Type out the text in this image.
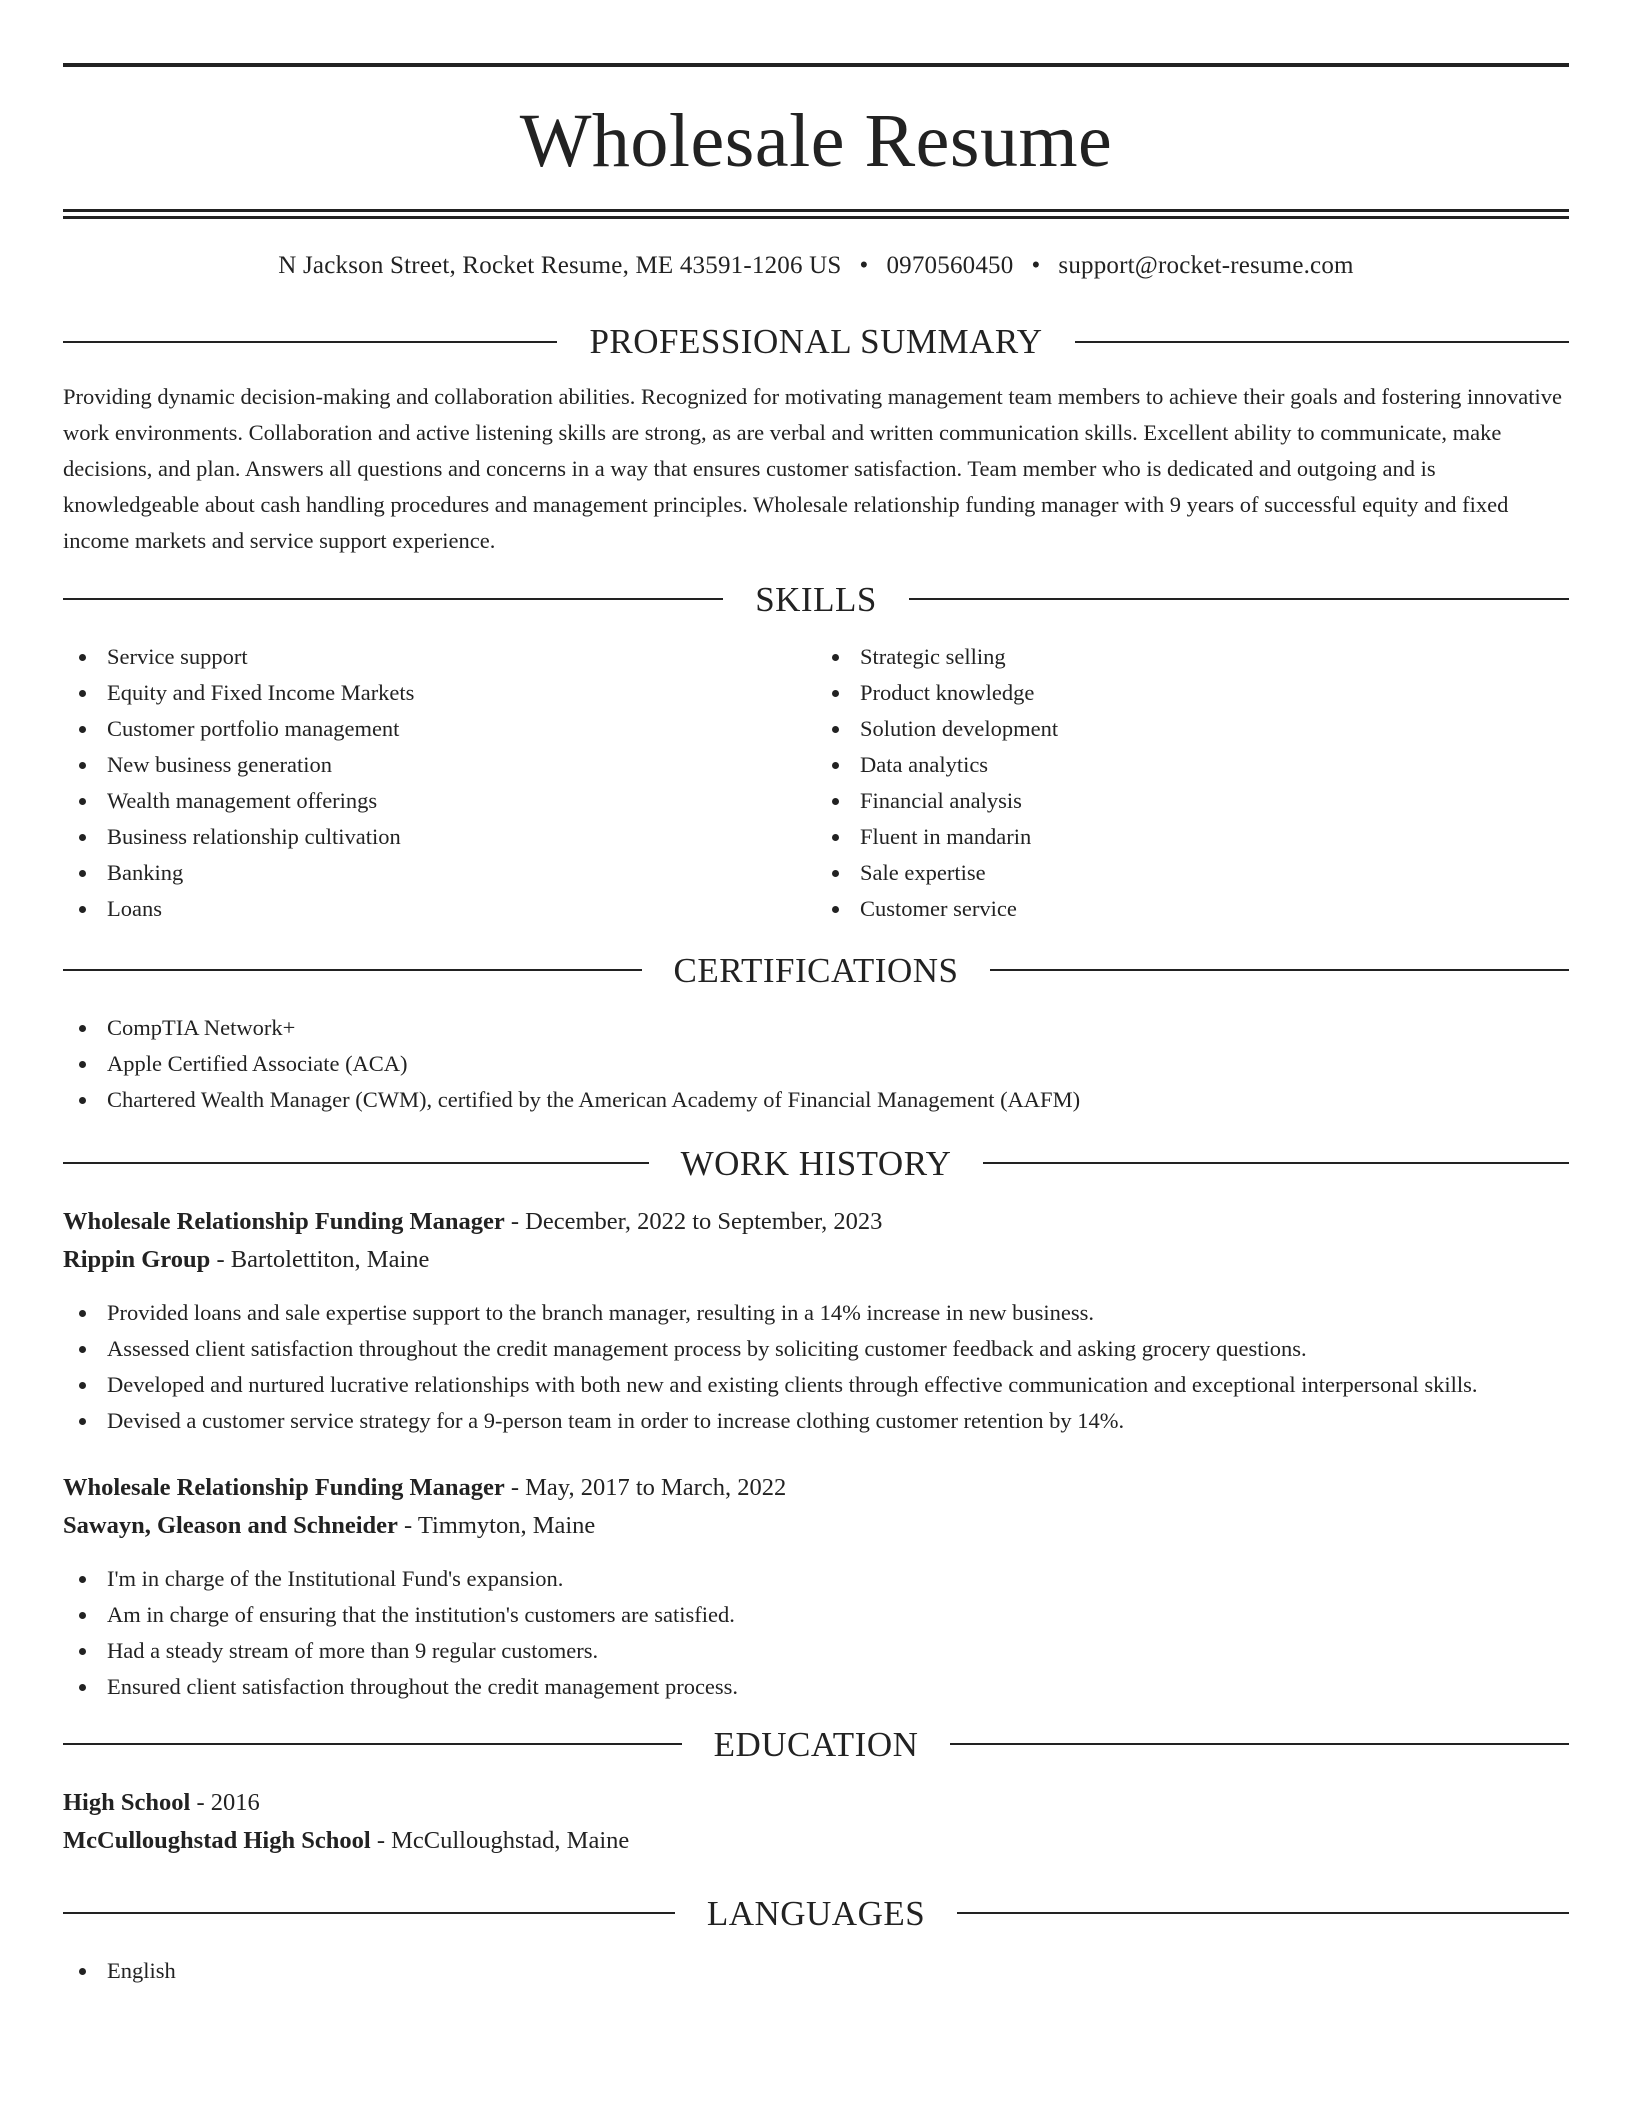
Wholesale Resume
N Jackson Street, Rocket Resume, ME 43591-1206 US • 0970560450 • support@rocket-resume.com
PROFESSIONAL SUMMARY

Providing dynamic decision-making and collaboration abilities. Recognized for motivating management team members to achieve their goals and fostering innovative work environments. Collaboration and active listening skills are strong, as are verbal and written communication skills. Excellent ability to communicate, make decisions, and plan. Answers all questions and concerns in a way that ensures customer satisfaction. Team member who is dedicated and outgoing and is knowledgeable about cash handling procedures and management principles. Wholesale relationship funding manager with 9 years of successful equity and fixed income markets and service support experience.

SKILLS
Service support
Equity and Fixed Income Markets
Customer portfolio management
New business generation
Wealth management offerings
Business relationship cultivation
Banking
Loans
Strategic selling
Product knowledge
Solution development
Data analytics
Financial analysis
Fluent in mandarin
Sale expertise
Customer service
CERTIFICATIONS
CompTIA Network+
Apple Certified Associate (ACA)
Chartered Wealth Manager (CWM), certified by the American Academy of Financial Management (AAFM)
WORK HISTORY
Wholesale Relationship Funding Manager - December, 2022 to September, 2023
Rippin Group - Bartolettiton, Maine
Provided loans and sale expertise support to the branch manager, resulting in a 14% increase in new business.
Assessed client satisfaction throughout the credit management process by soliciting customer feedback and asking grocery questions.
Developed and nurtured lucrative relationships with both new and existing clients through effective communication and exceptional interpersonal skills.
Devised a customer service strategy for a 9-person team in order to increase clothing customer retention by 14%.
Wholesale Relationship Funding Manager - May, 2017 to March, 2022
Sawayn, Gleason and Schneider - Timmyton, Maine
I'm in charge of the Institutional Fund's expansion.
Am in charge of ensuring that the institution's customers are satisfied.
Had a steady stream of more than 9 regular customers.
Ensured client satisfaction throughout the credit management process.
EDUCATION
High School - 2016
McCulloughstad High School - McCulloughstad, Maine
LANGUAGES
English
